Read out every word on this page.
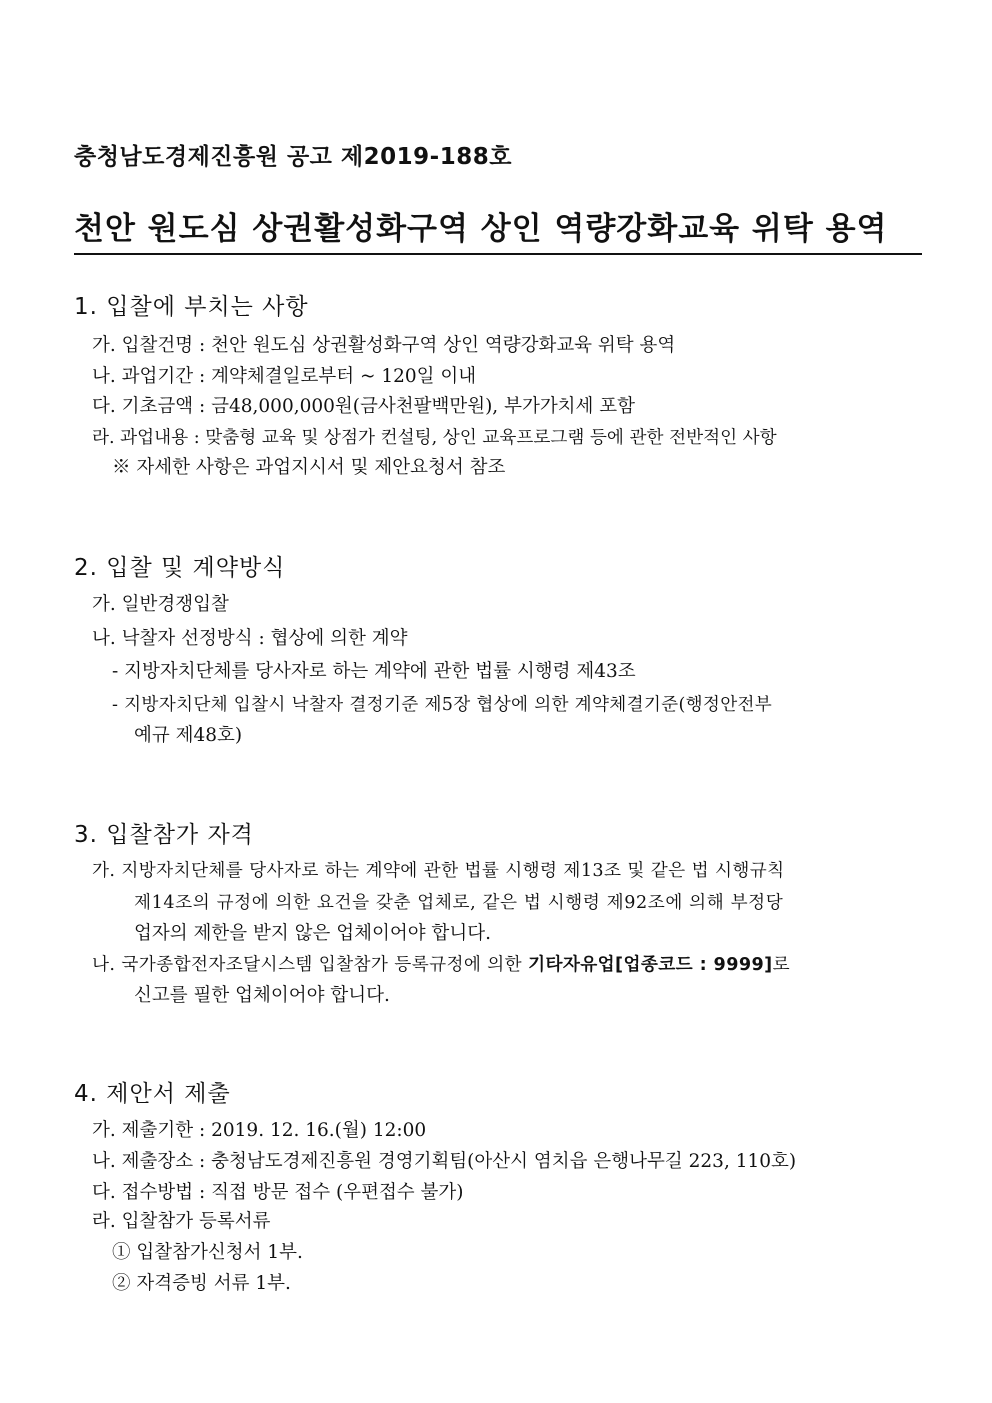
충청남도경제진흥원 공고 제2019-188호
천안 원도심 상권활성화구역 상인 역량강화교육 위탁 용역
1. 입찰에 부치는 사항
가. 입찰건명 : 천안 원도심 상권활성화구역 상인 역량강화교육 위탁 용역
나. 과업기간 : 계약체결일로부터 ~ 120일 이내
다. 기초금액 : 금48,000,000원(금사천팔백만원), 부가가치세 포함
라. 과업내용 : 맞춤형 교육 및 상점가 컨설팅, 상인 교육프로그램 등에 관한 전반적인 사항
※ 자세한 사항은 과업지시서 및 제안요청서 참조
2. 입찰 및 계약방식
가. 일반경쟁입찰
나. 낙찰자 선정방식 : 협상에 의한 계약
- 지방자치단체를 당사자로 하는 계약에 관한 법률 시행령 제43조
- 지방자치단체 입찰시 낙찰자 결정기준 제5장 협상에 의한 계약체결기준(행정안전부
예규 제48호)
3. 입찰참가 자격
가. 지방자치단체를 당사자로 하는 계약에 관한 법률 시행령 제13조 및 같은 법 시행규칙
제14조의 규정에 의한 요건을 갖춘 업체로, 같은 법 시행령 제92조에 의해 부정당
업자의 제한을 받지 않은 업체이어야 합니다.
나. 국가종합전자조달시스템 입찰참가 등록규정에 의한 기타자유업[업종코드 : 9999]로
신고를 필한 업체이어야 합니다.
4. 제안서 제출
가. 제출기한 : 2019. 12. 16.(월) 12:00
나. 제출장소 : 충청남도경제진흥원 경영기획팀(아산시 염치읍 은행나무길 223, 110호)
다. 접수방법 : 직접 방문 접수 (우편접수 불가)
라. 입찰참가 등록서류
① 입찰참가신청서 1부.
② 자격증빙 서류 1부.
